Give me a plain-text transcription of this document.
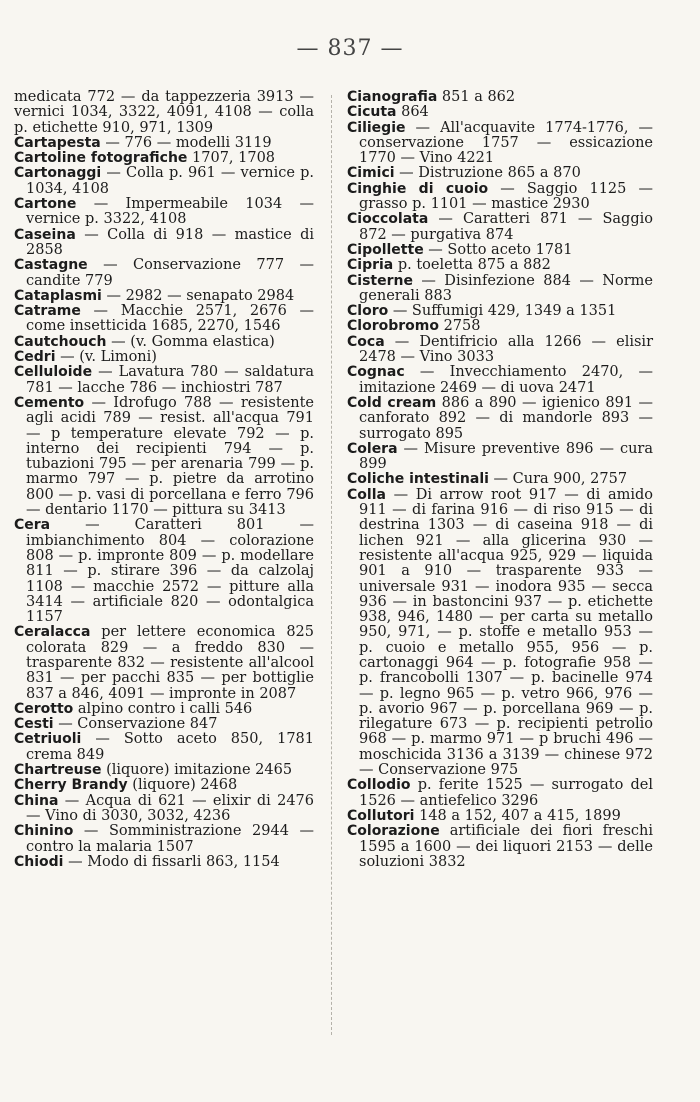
— 837 —
medicata 772 — da tappezzeria 3913 — vernici 1034, 3322, 4091, 4108 — colla p. etichette 910, 971, 1309
Cartapesta — 776 — modelli 3119
Cartoline fotografiche 1707, 1708
Cartonaggi — Colla p. 961 — vernice p. 1034, 4108
Cartone — Impermeabile 1034 — vernice p. 3322, 4108
Caseina — Colla di 918 — mastice di 2858
Castagne — Conservazione 777 — candite 779
Cataplasmi — 2982 — senapato 2984
Catrame — Macchie 2571, 2676 — come insetticida 1685, 2270, 1546
Cautchouch — (v. Gomma elastica)
Cedri — (v. Limoni)
Celluloide — Lavatura 780 — saldatura 781 — lacche 786 — inchiostri 787
Cemento — Idrofugo 788 — resistente agli acidi 789 — resist. all'acqua 791 — p temperature elevate 792 — p. interno dei recipienti 794 — p. tubazioni 795 — per arenaria 799 — p. marmo 797 — p. pietre da arrotino 800 — p. vasi di porcellana e ferro 796 — dentario 1170 — pittura su 3413
Cera — Caratteri 801 — imbianchimento 804 — colorazione 808 — p. impronte 809 — p. modellare 811 — p. stirare 396 — da calzolaj 1108 — macchie 2572 — pitture alla 3414 — artificiale 820 — odontalgica 1157
Ceralacca per lettere economica 825 colorata 829 — a freddo 830 — trasparente 832 — resistente all'alcool 831 — per pacchi 835 — per bottiglie 837 a 846, 4091 — impronte in 2087
Cerotto alpino contro i calli 546
Cesti — Conservazione 847
Cetriuoli — Sotto aceto 850, 1781 crema 849
Chartreuse (liquore) imitazione 2465
Cherry Brandy (liquore) 2468
China — Acqua di 621 — elixir di 2476 — Vino di 3030, 3032, 4236
Chinino — Somministrazione 2944 — contro la malaria 1507
Chiodi — Modo di fissarli 863, 1154
Cianografia 851 a 862
Cicuta 864
Ciliegie — All'acquavite 1774-1776, — conservazione 1757 — essicazione 1770 — Vino 4221
Cimici — Distruzione 865 a 870
Cinghie di cuoio — Saggio 1125 — grasso p. 1101 — mastice 2930
Cioccolata — Caratteri 871 — Saggio 872 — purgativa 874
Cipollette — Sotto aceto 1781
Cipria p. toeletta 875 a 882
Cisterne — Disinfezione 884 — Norme generali 883
Cloro — Suffumigi 429, 1349 a 1351
Clorobromo 2758
Coca — Dentifricio alla 1266 — elisir 2478 — Vino 3033
Cognac — Invecchiamento 2470, — imitazione 2469 — di uova 2471
Cold cream 886 a 890 — igienico 891 — canforato 892 — di mandorle 893 — surrogato 895
Colera — Misure preventive 896 — cura 899
Coliche intestinali — Cura 900, 2757
Colla — Di arrow root 917 — di amido 911 — di farina 916 — di riso 915 — di destrina 1303 — di caseina 918 — di lichen 921 — alla glicerina 930 — resistente all'acqua 925, 929 — liquida 901 a 910 — trasparente 933 — universale 931 — inodora 935 — secca 936 — in bastoncini 937 — p. etichette 938, 946, 1480 — per carta su metallo 950, 971, — p. stoffe e metallo 953 — p. cuoio e metallo 955, 956 — p. cartonaggi 964 — p. fotografie 958 — p. francobolli 1307 — p. bacinelle 974 — p. legno 965 — p. vetro 966, 976 — p. avorio 967 — p. porcellana 969 — p. rilegature 673 — p. recipienti petrolio 968 — p. marmo 971 — p bruchi 496 — moschicida 3136 a 3139 — chinese 972 — Conservazione 975
Collodio p. ferite 1525 — surrogato del 1526 — antiefelico 3296
Collutori 148 a 152, 407 a 415, 1899
Colorazione artificiale dei fiori freschi 1595 a 1600 — dei liquori 2153 — delle soluzioni 3832
